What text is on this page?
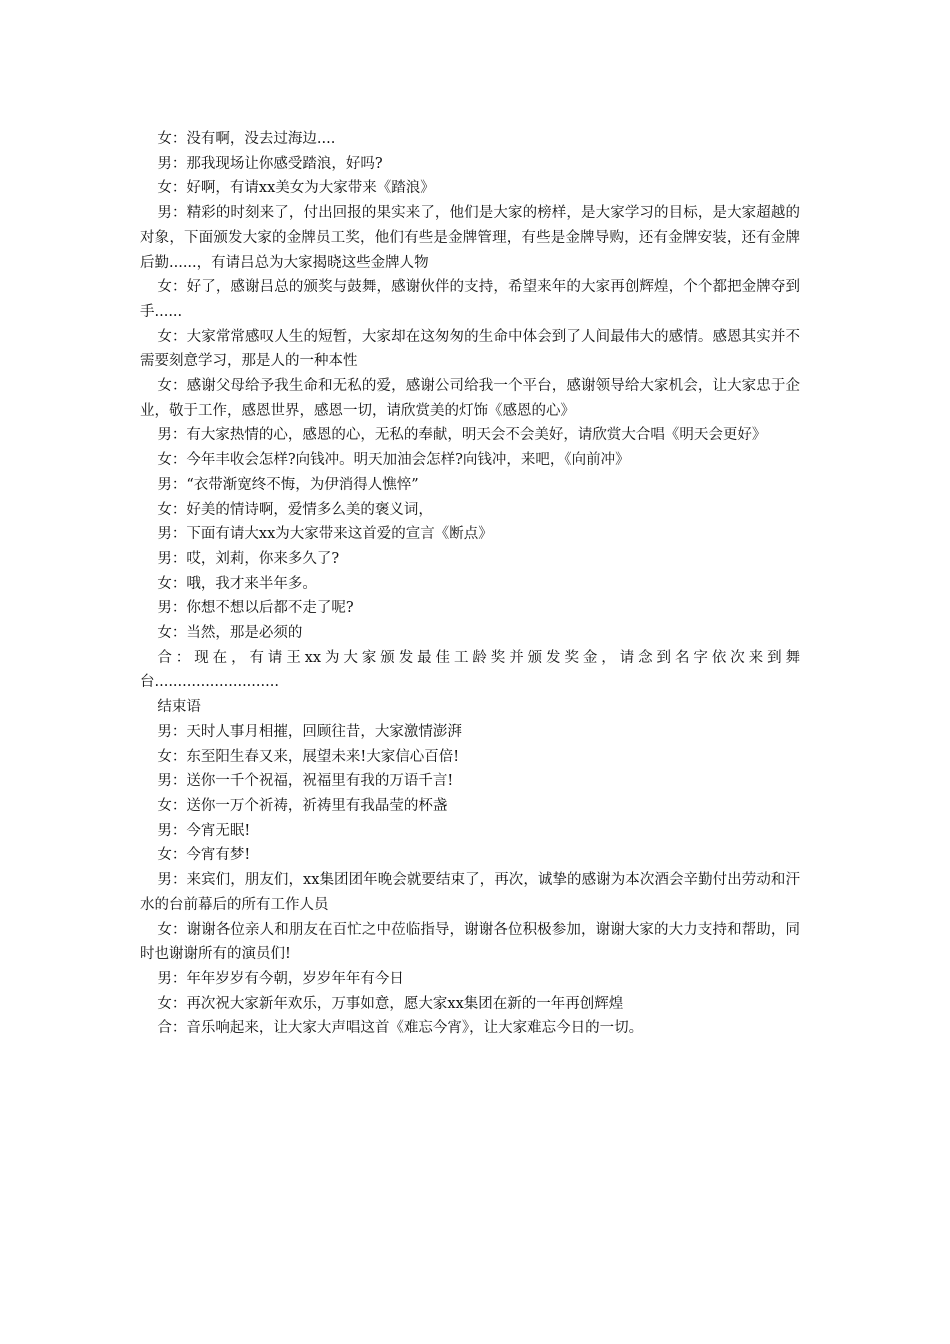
女：没有啊，没去过海边....

男：那我现场让你感受踏浪，好吗?

女：好啊，有请xx美女为大家带来《踏浪》

男：精彩的时刻来了，付出回报的果实来了，他们是大家的榜样，是大家学习的目标，是大家超越的对象，下面颁发大家的金牌员工奖，他们有些是金牌管理，有些是金牌导购，还有金牌安装，还有金牌后勤......，有请吕总为大家揭晓这些金牌人物

女：好了，感谢吕总的颁奖与鼓舞，感谢伙伴的支持，希望来年的大家再创辉煌，个个都把金牌夺到手......

女：大家常常感叹人生的短暂，大家却在这匆匆的生命中体会到了人间最伟大的感情。感恩其实并不需要刻意学习，那是人的一种本性

女：感谢父母给予我生命和无私的爱，感谢公司给我一个平台，感谢领导给大家机会，让大家忠于企业，敬于工作，感恩世界，感恩一切，请欣赏美的灯饰《感恩的心》

男：有大家热情的心，感恩的心，无私的奉献，明天会不会美好，请欣赏大合唱《明天会更好》

女：今年丰收会怎样?向钱冲。明天加油会怎样?向钱冲，来吧，《向前冲》

男：“衣带渐宽终不悔，为伊消得人憔悴”

女：好美的情诗啊，爱情多么美的褒义词，

男：下面有请大xx为大家带来这首爱的宣言《断点》

男：哎，刘莉，你来多久了?

女：哦，我才来半年多。

男：你想不想以后都不走了呢?

女：当然，那是必须的

合：现在，有请王xx为大家颁发最佳工龄奖并颁发奖金，请念到名字依次来到舞台...........................

结束语

男：天时人事月相摧，回顾往昔，大家激情澎湃

女：东至阳生春又来，展望未来!大家信心百倍!

男：送你一千个祝福，祝福里有我的万语千言!

女：送你一万个祈祷，祈祷里有我晶莹的杯盏

男：今宵无眠!

女：今宵有梦!

男：来宾们，朋友们，xx集团团年晚会就要结束了，再次，诚挚的感谢为本次酒会辛勤付出劳动和汗水的台前幕后的所有工作人员

女：谢谢各位亲人和朋友在百忙之中莅临指导，谢谢各位积极参加，谢谢大家的大力支持和帮助，同时也谢谢所有的演员们!

男：年年岁岁有今朝，岁岁年年有今日

女：再次祝大家新年欢乐，万事如意，愿大家xx集团在新的一年再创辉煌

合：音乐响起来，让大家大声唱这首《难忘今宵》，让大家难忘今日的一切。
